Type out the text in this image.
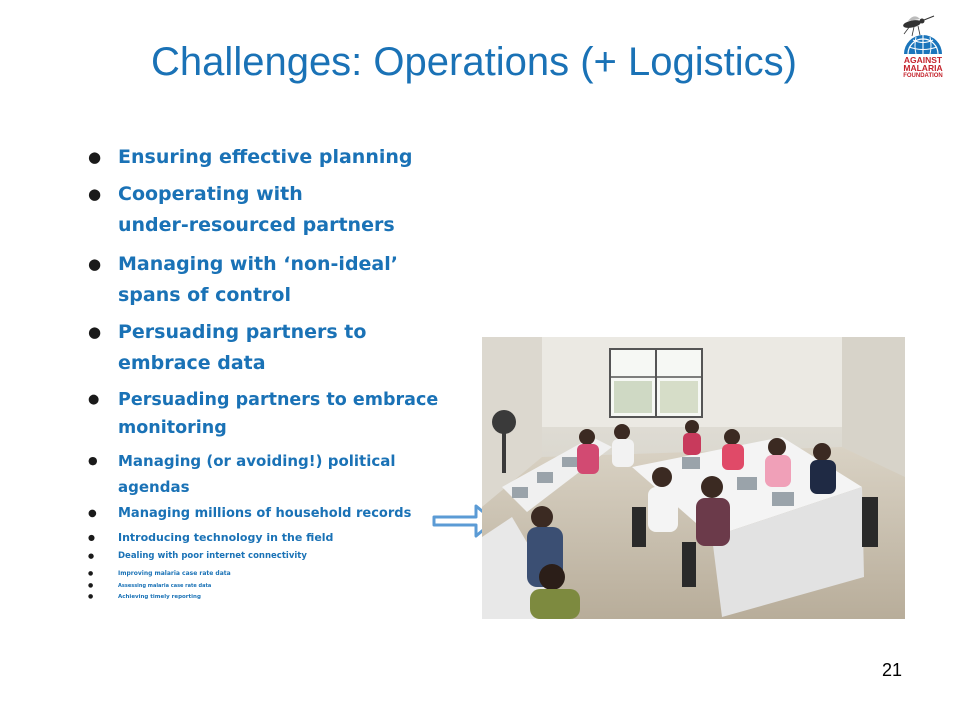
Challenges: Operations (+ Logistics)	AGAINST
MALARIA
FOUNDATION
● Ensuring effective planning
● Cooperating with
under-resourced partners
● Managing with ‘non-ideal’
spans of control
● Persuading partners to
embrace data
● Persuading partners to embrace
monitoring
● Managing (or avoiding!) political
agendas
● Managing millions of household records
● Introducing technology in the field
●	Dealing with poor internet connectivity
●	Improving malaria case rate data
●	Assessing malaria case rate data
●	Achieving timely reporting
21
